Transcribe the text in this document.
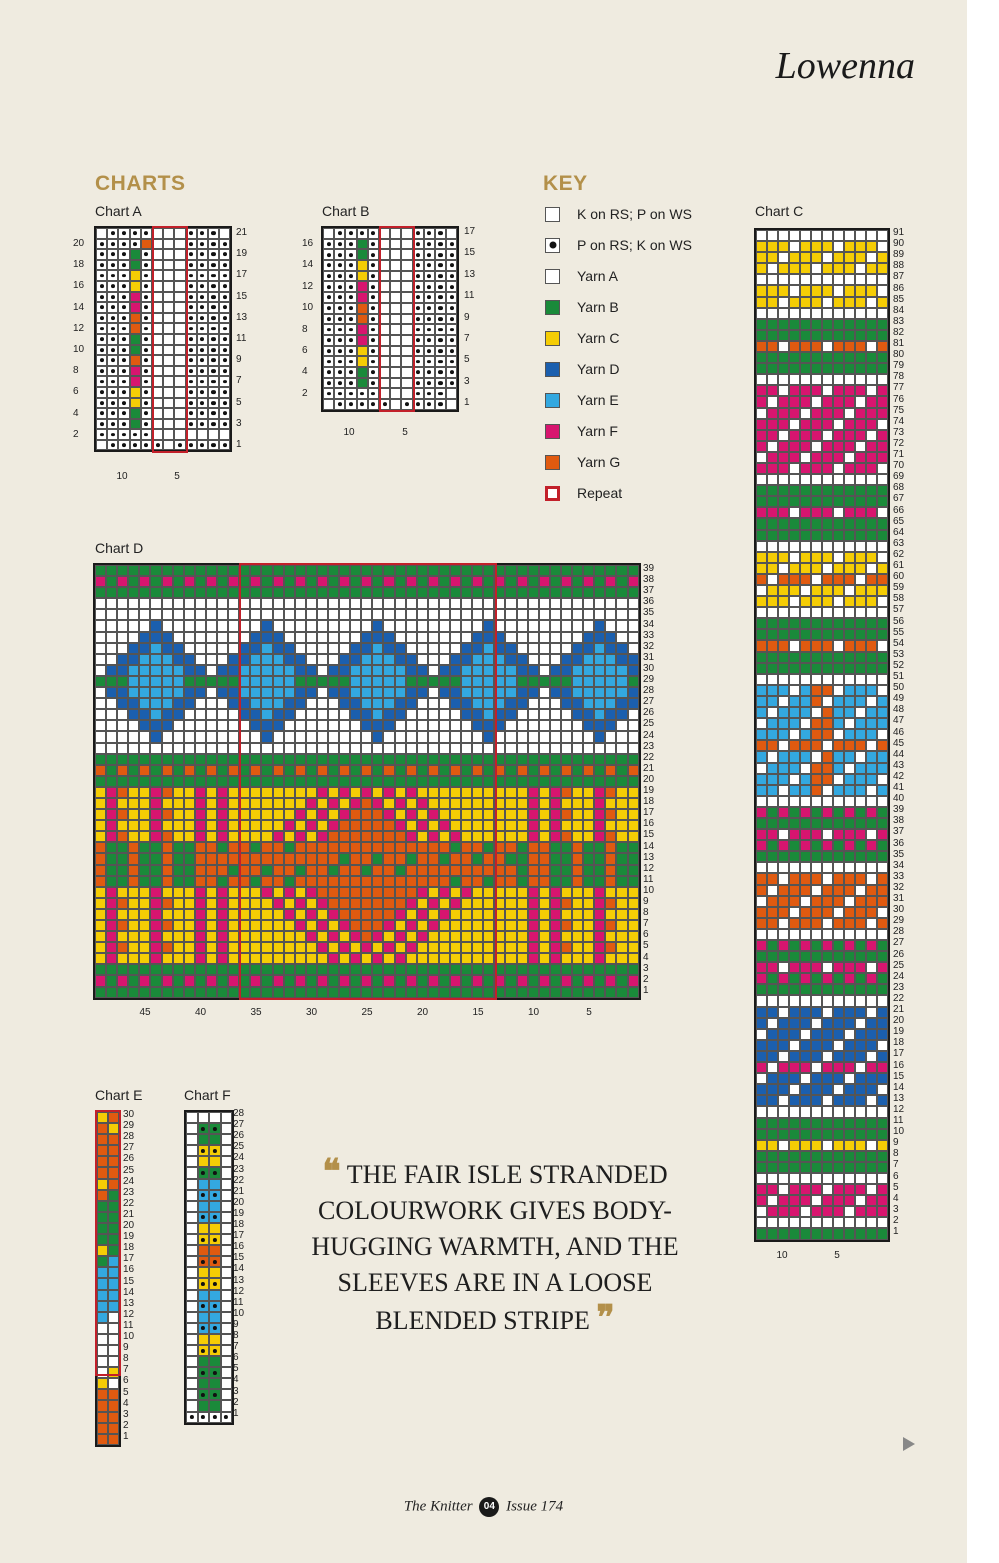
Lowenna
CHARTS	KEY
Chart A	Chart B	Chart C
Chart D
Chart E	Chart F
K on RS; P on WS
P on RS; K on WS
Yarn A
Yarn B
Yarn C
Yarn D
Yarn E
Yarn F
Yarn G
Repeat
❝ THE FAIR ISLE STRANDED COLOURWORK GIVES BODY-HUGGING WARMTH, AND THE SLEEVES ARE IN A LOOSE BLENDED STRIPE ❞
The Knitter 04 Issue 174
21
19
17
15
13
11
9
7
5
3
1
20
18
16
14
12
10
8
6
4
2
10	5
17
15
13
11
9
7
5
3
1
16
14
12
10
8
6
4
2
10	5
91
90
89
88
87
86
85
84
83
82
81
80
79
78
77
76
75
74
73
72
71
70
69
68
67
66
65
64
63
62
61
60
59
58
57
56
55
54
53
52
51
50
49
48
47
46
45
44
43
42
41
40
39
38
37
36
35
34
33
32
31
30
29
28
27
26
25
24
23
22
21
20
19
18
17
16
15
14
13
12
11
10
9
8
7
6
5
4
3
2
1
10	5
39
38
37
36
35
34
33
32
31
30
29
28
27
26
25
24
23
22
21
20
19
18
17
16
15
14
13
12
11
10
9
8
7
6
5
4
3
2
1
45	40	35	30	25	20	15	10	5
30
29
28
27
26
25
24
23
22
21
20
19
18
17
16
15
14
13
12
11
10
9
8
7
6
5
4
3
2
1
28
27
26
25
24
23
22
21
20
19
18
17
16
15
14
13
12
11
10
9
8
7
6
5
4
3
2
1
